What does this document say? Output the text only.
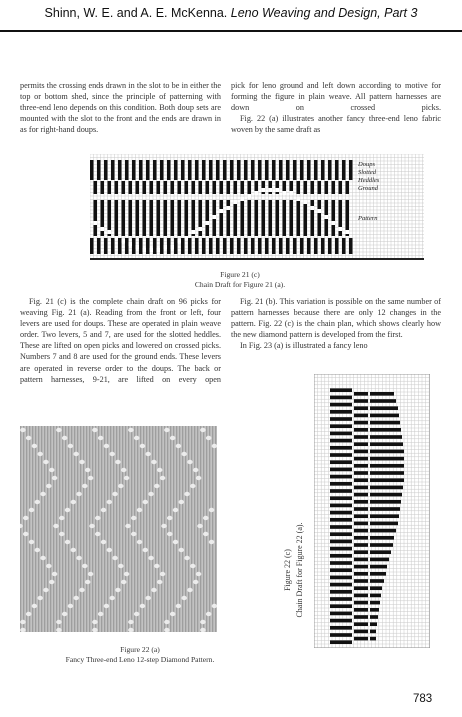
Shinn, W. E. and A. E. McKenna. Leno Weaving and Design, Part 3
permits the crossing ends drawn in the slot to be in either the top or bottom shed, since the principle of patterning with three-end leno depends on this condition. Both doup sets are mounted with the slot to the front and the ends are drawn in as for right-hand doups.
pick for leno ground and left down according to motive for forming the figure in plain weave. All pattern harnesses are down on crossed picks.
Fig. 22 (a) illustrates another fancy three-end leno fabric woven by the same draft as
Doups
Slotted
Heddles
Ground
Pattern
Figure 21 (c)
Chain Draft for Figure 21 (a).
Fig. 21 (c) is the complete chain draft on 96 picks for weaving Fig. 21 (a). Reading from the front or left, four levers are used for doups. These are operated in plain weave order. Two levers, 5 and 7, are used for the slotted heddles. These are lifted on open picks and lowered on crossed picks. Numbers 7 and 8 are used for the ground ends. These levers are operated in reverse order to the doups. The back or pattern harnesses, 9-21, are lifted on every open
Fig. 21 (b). This variation is possible on the same number of pattern harnesses because there are only 12 changes in the pattern. Fig. 22 (c) is the chain plan, which shows clearly how the new diamond pattern is developed from the first.
In Fig. 23 (a) is illustrated a fancy leno
Figure 22 (a)
Fancy Three-end Leno 12-step Diamond Pattern.
Figure 22 (c) Chain Draft for Figure 22 (a).
783
